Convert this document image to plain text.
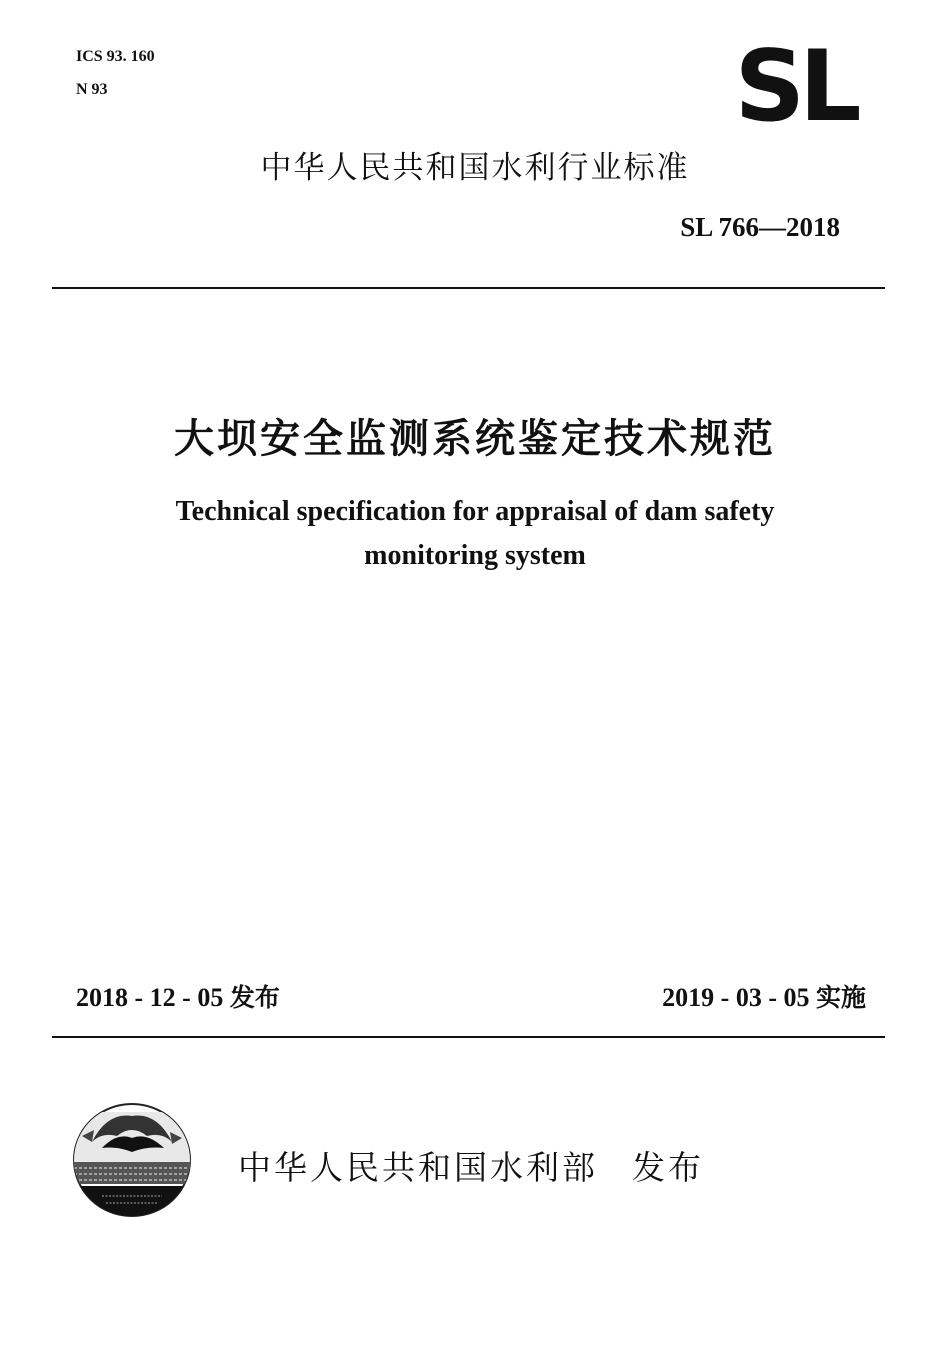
ICS 93. 160
N 93	SL
中华人民共和国水利行业标准
SL 766—2018
大坝安全监测系统鉴定技术规范
Technical specification for appraisal of dam safety
monitoring system
2018 - 12 - 05 发布	2019 - 03 - 05 实施
中华人民共和国水利部 发布
